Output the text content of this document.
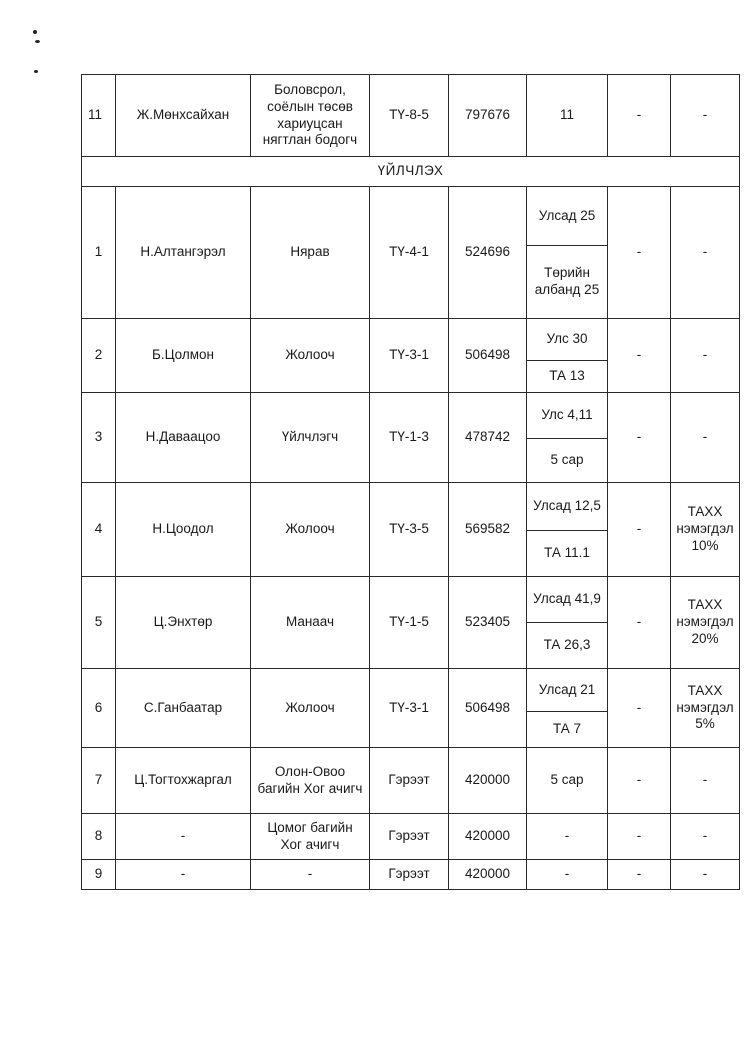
11	Ж.Мөнхсайхан	Боловсрол, соёлын төсөв хариуцсан нягтлан бодогч	ТҮ-8-5	797676	11	-	-
ҮЙЛЧЛЭХ							
1	Н.Алтангэрэл	Нярав	ТҮ-4-1	524696	Улсад 25	-	-
					Төрийн албанд 25		
2	Б.Цолмон	Жолооч	ТҮ-3-1	506498	Улс 30	-	-
					ТА 13		
3	Н.Даваацоо	Үйлчлэгч	ТҮ-1-3	478742	Улс 4,11	-	-
					5 сар		
4	Н.Цоодол	Жолооч	ТҮ-3-5	569582	Улсад 12,5	-	ТАХХ нэмэгдэл 10%
					ТА 11.1		
5	Ц.Энхтөр	Манаач	ТҮ-1-5	523405	Улсад 41,9	-	ТАХХ нэмэгдэл 20%
					ТА 26,3		
6	С.Ганбаатар	Жолооч	ТҮ-3-1	506498	Улсад 21	-	ТАХХ нэмэгдэл 5%
					ТА 7		
7	Ц.Тогтохжаргал	Олон-Овоо багийн Хог ачигч	Гэрээт	420000	5 сар	-	-
8	-	Цомог багийн Хог ачигч	Гэрээт	420000	-	-	-
9	-	-	Гэрээт	420000	-	-	-
